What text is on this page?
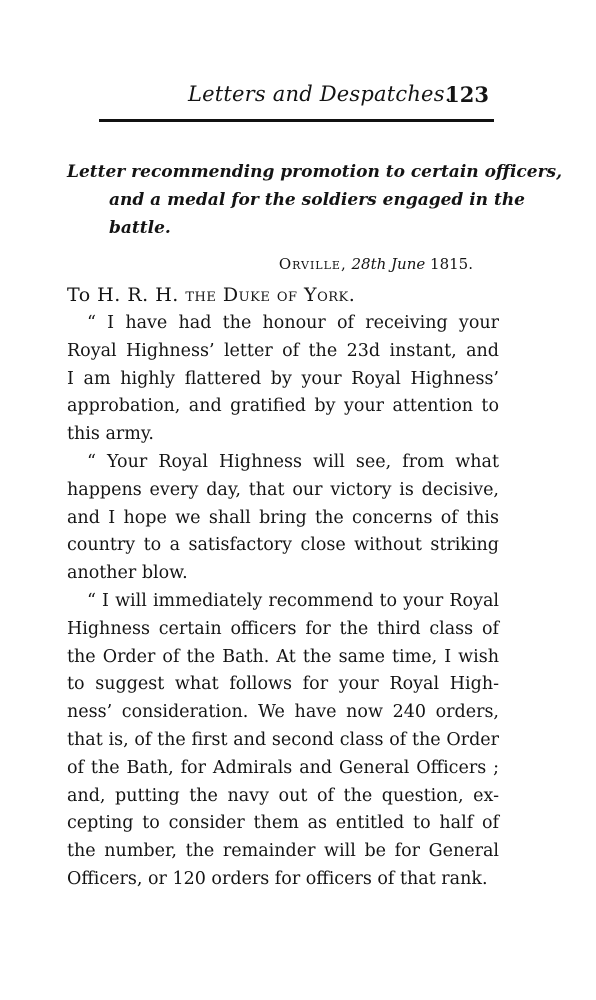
Letters and Despatches.
123

Letter recommending promotion to certain officers,
and a medal for the soldiers engaged in the
battle.

Orville, 28th June 1815.
To H. R. H. the Duke of York.
“ I have had the honour of receiving your
Royal Highness’ letter of the 23d instant, and
I am highly flattered by your Royal Highness’
approbation, and gratified by your attention to
this army.
“ Your Royal Highness will see, from what
happens every day, that our victory is decisive,
and I hope we shall bring the concerns of this
country to a satisfactory close without striking
another blow.
“ I will immediately recommend to your Royal
Highness certain officers for the third class of
the Order of the Bath. At the same time, I wish
to suggest what follows for your Royal High-
ness’ consideration. We have now 240 orders,
that is, of the first and second class of the Order
of the Bath, for Admirals and General Officers ;
and, putting the navy out of the question, ex-
cepting to consider them as entitled to half of
the number, the remainder will be for General
Officers, or 120 orders for officers of that rank.
